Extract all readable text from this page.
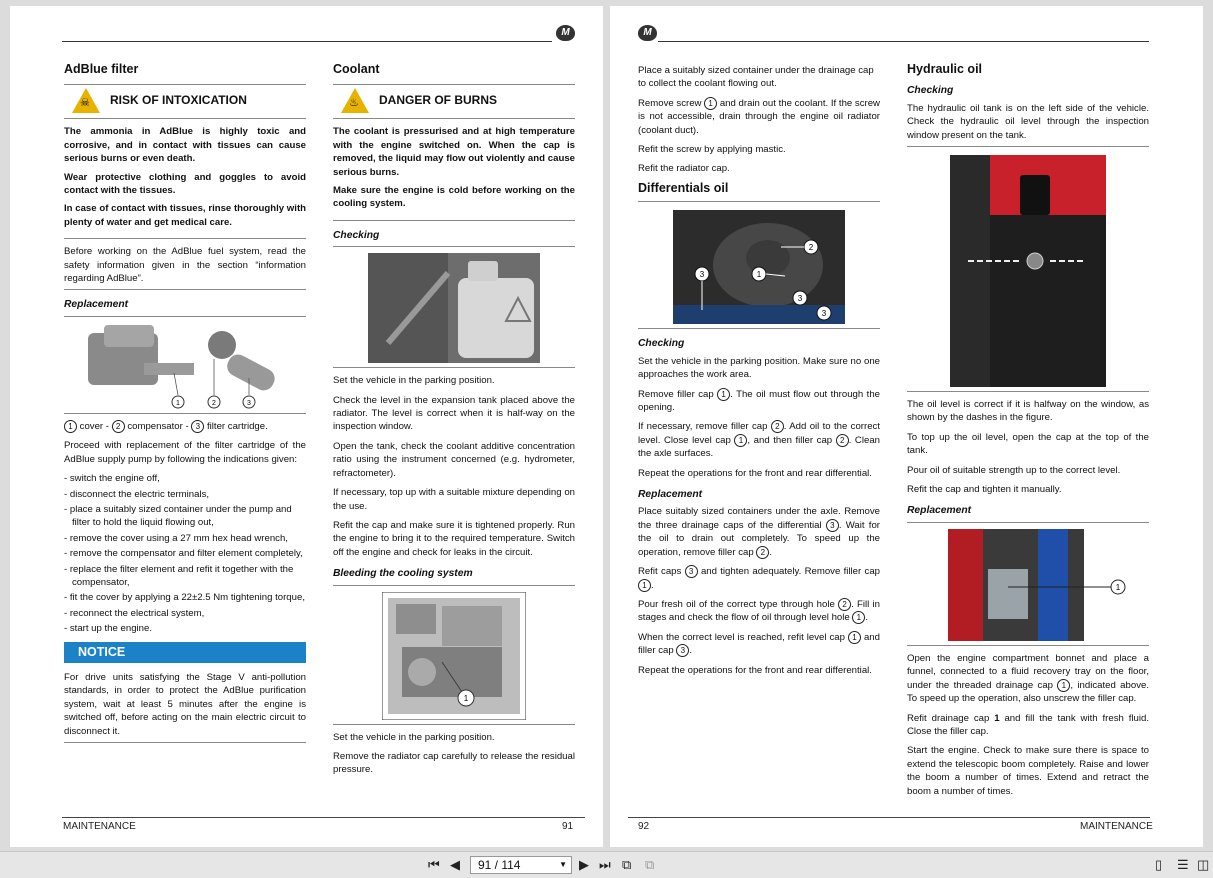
M
AdBlue filter
☠ RISK OF INTOXICATION

The ammonia in AdBlue is highly toxic and corrosive, and in contact with tissues can cause serious burns or even death.

Wear protective clothing and goggles to avoid contact with the tissues.

In case of contact with tissues, rinse thoroughly with plenty of water and get medical care.

Before working on the AdBlue fuel system, read the safety information given in the section “information regarding AdBlue”.

Replacement
1	2	3

1 cover - 2 compensator - 3 filter cartridge.

Proceed with replacement of the filter cartridge of the AdBlue supply pump by following the indications given:

- switch the engine off,
- disconnect the electric terminals,
- place a suitably sized container under the pump and filter to hold the liquid flowing out,
- remove the cover using a 27 mm hex head wrench,
- remove the compensator and filter element completely,
- replace the filter element and refit it together with the compensator,
- fit the cover by applying a 22±2.5 Nm tightening torque,
- reconnect the electrical system,
- start up the engine.
NOTICE

For drive units satisfying the Stage V anti-pollution standards, in order to protect the AdBlue purification system, wait at least 5 minutes after the engine is switched off, before acting on the main electric circuit to disconnect it.

Coolant
♨ DANGER OF BURNS

The coolant is pressurised and at high temperature with the engine switched on. When the cap is removed, the liquid may flow out violently and cause serious burns.

Make sure the engine is cold before working on the cooling system.

Checking

Set the vehicle in the parking position.

Check the level in the expansion tank placed above the radiator. The level is correct when it is half-way on the inspection window.

Open the tank, check the coolant additive concentration ratio using the instrument concerned (e.g. hydrometer, refractometer).

If necessary, top up with a suitable mixture depending on the use.

Refit the cap and make sure it is tightened properly. Run the engine to bring it to the required temperature. Switch off the engine and check for leaks in the circuit.

Bleeding the cooling system
1

Set the vehicle in the parking position.

Remove the radiator cap carefully to release the residual pressure.

MAINTENANCE	91
M

Place a suitably sized container under the drainage cap to collect the coolant flowing out.

Remove screw 1 and drain out the coolant. If the screw is not accessible, drain through the engine oil radiator (coolant duct).

Refit the screw by applying mastic.

Refit the radiator cap.

Differentials oil
2
1
3
3
3
Checking

Set the vehicle in the parking position. Make sure no one approaches the work area.

Remove filler cap 1 . The oil must flow out through the opening.

If necessary, remove filler cap 2 . Add oil to the correct level. Close level cap 1 , and then filler cap 2 . Clean the axle surfaces.

Repeat the operations for the front and rear differential.

Replacement

Place suitably sized containers under the axle. Remove the three drainage caps of the differential 3 . Wait for the oil to drain out completely. To speed up the operation, remove filler cap 2 .

Refit caps 3 and tighten adequately. Remove filler cap 1 .

Pour fresh oil of the correct type through hole 2 . Fill in stages and check the flow of oil through level hole 1 .

When the correct level is reached, refit level cap 1 and filler cap 3 .

Repeat the operations for the front and rear differential.

Hydraulic oil
Checking

The hydraulic oil tank is on the left side of the vehicle. Check the hydraulic oil level through the inspection window present on the tank.

The oil level is correct if it is halfway on the window, as shown by the dashes in the figure.

To top up the oil level, open the cap at the top of the tank.

Pour oil of suitable strength up to the correct level.

Refit the cap and tighten it manually.

Replacement
1

Open the engine compartment bonnet and place a funnel, connected to a fluid recovery tray on the floor, under the threaded drainage cap 1 , indicated above. To speed up the operation, also unscrew the filler cap.

Refit drainage cap 1 and fill the tank with fresh fluid. Close the filler cap.

Start the engine. Check to make sure there is space to extend the telescopic boom completely. Raise and lower the boom a number of times. Extend and retract the boom a number of times.

92	MAINTENANCE
⏮ ◀ 91 / 114	▼ ▶ ⏭ ⧉ ⧉	▯ ☰ ◫
